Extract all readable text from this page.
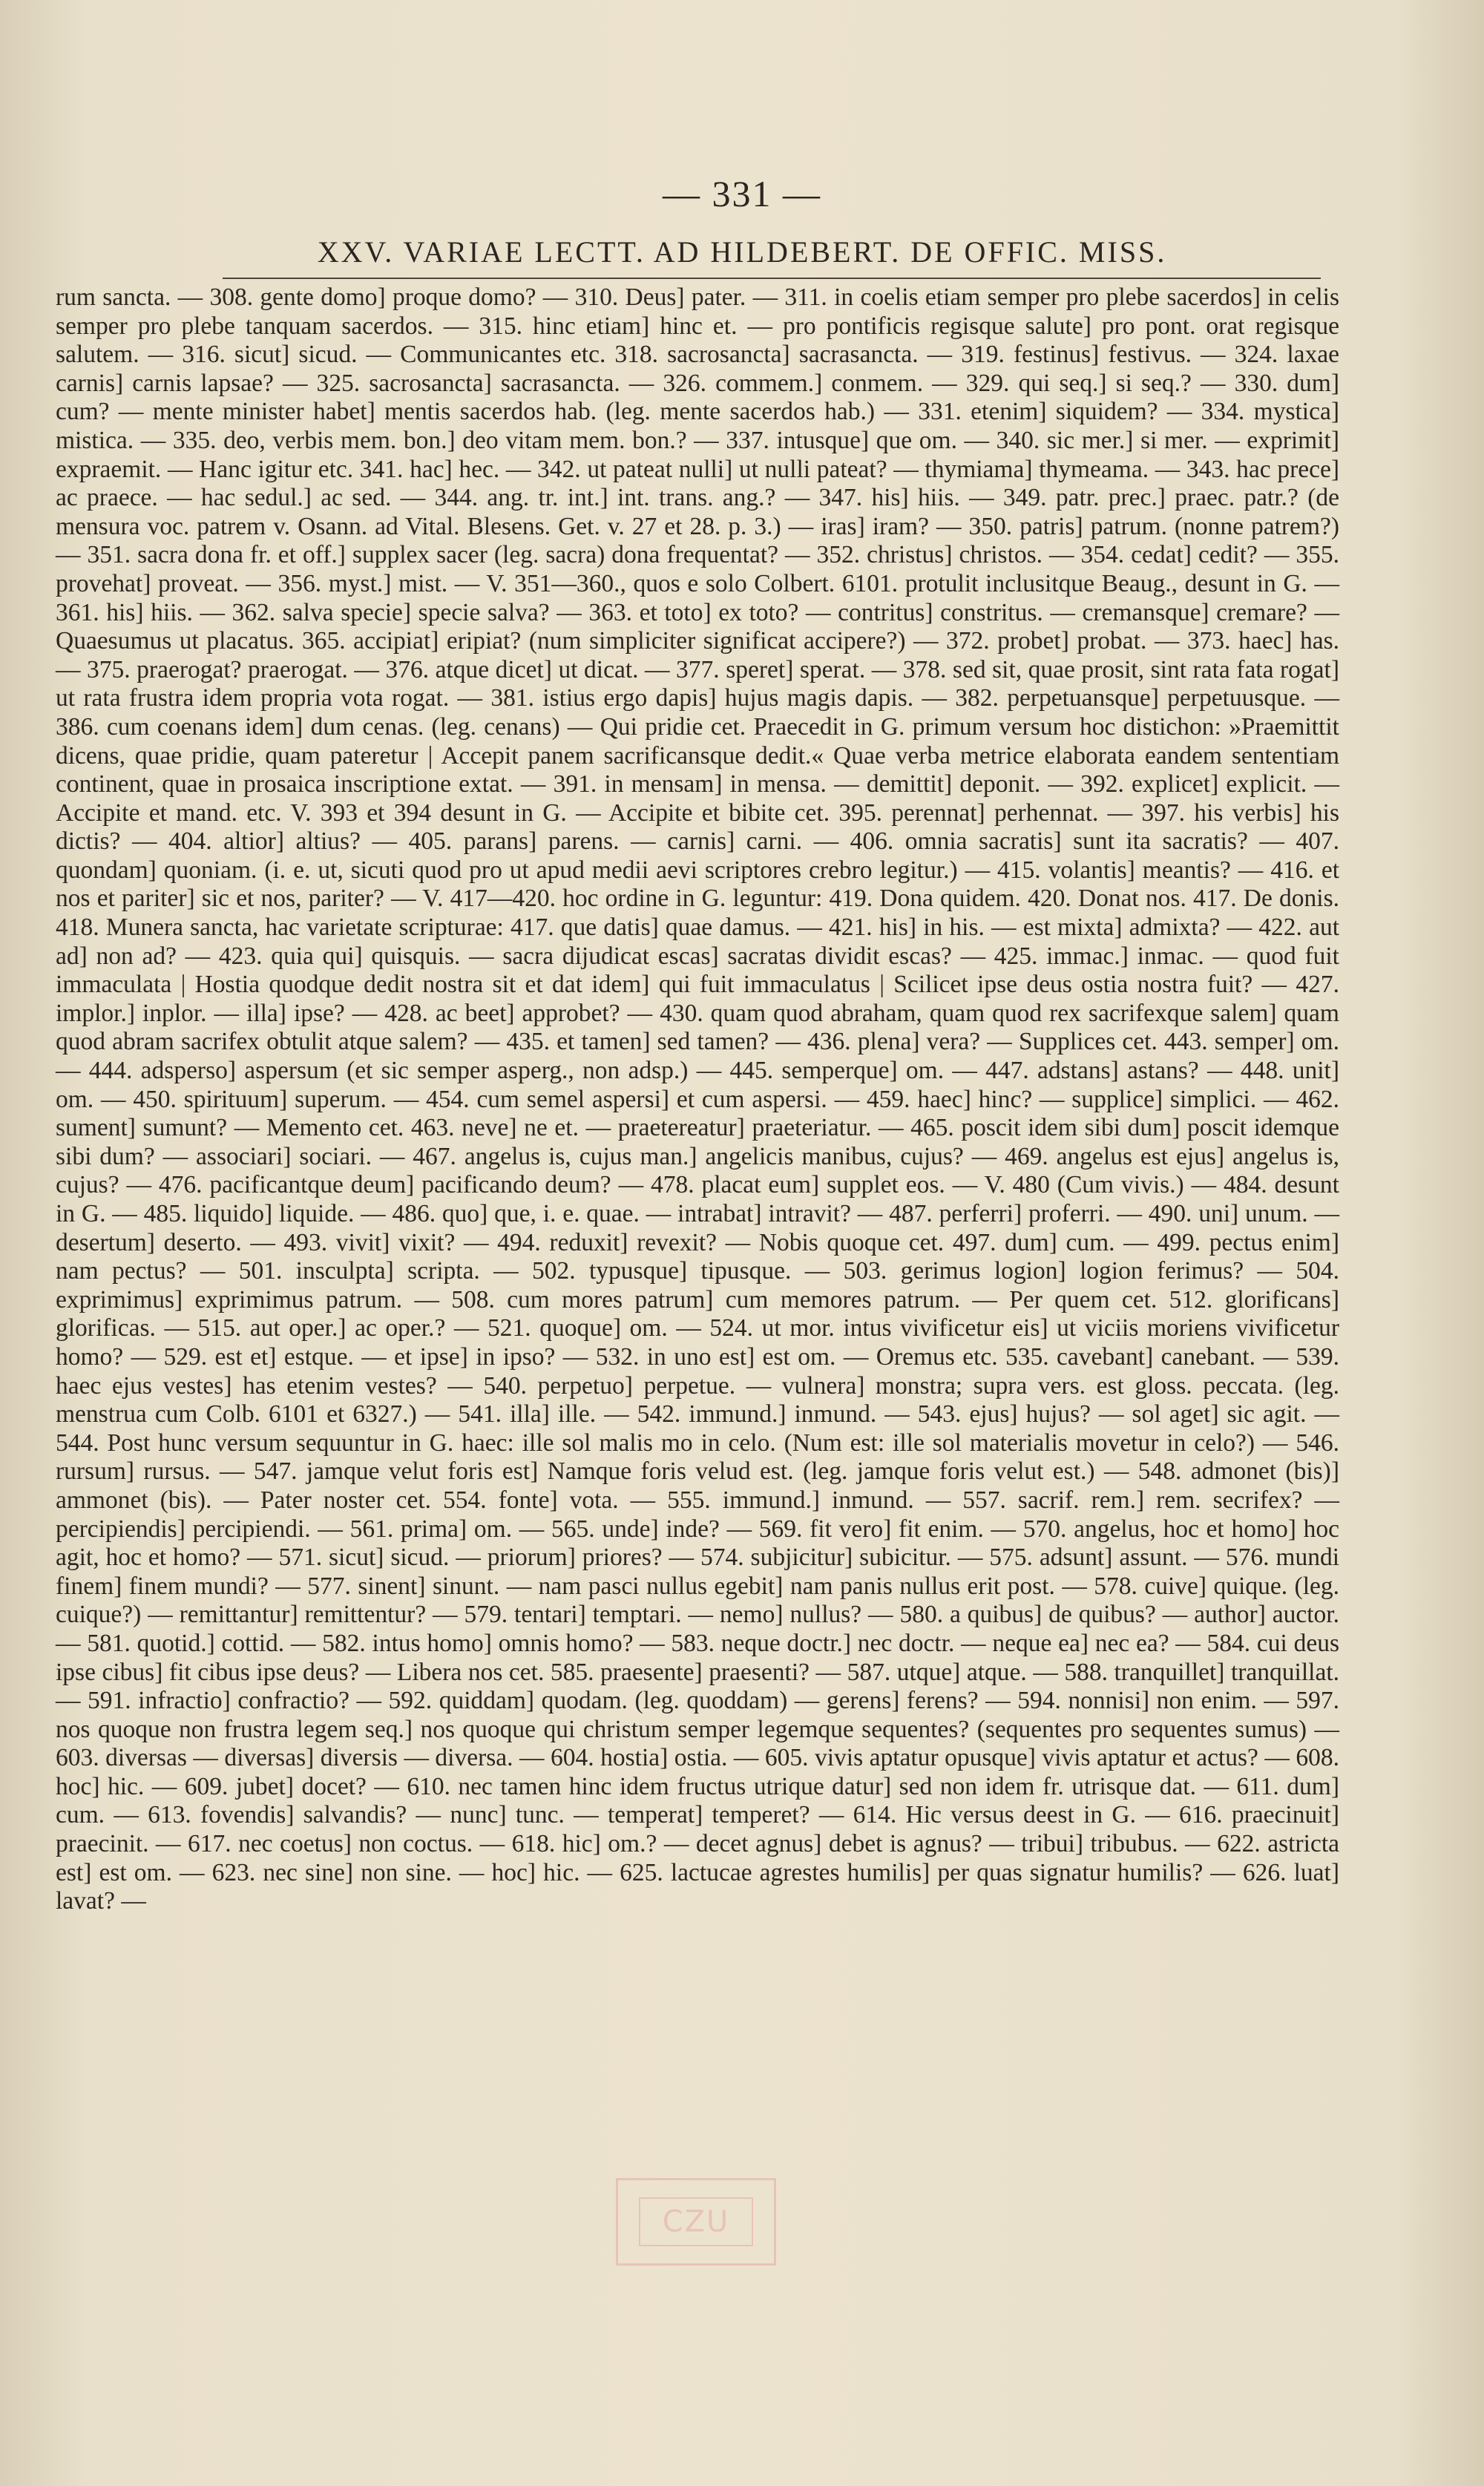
— 331 —
XXV. VARIAE LECTT. AD HILDEBERT. DE OFFIC. MISS.

rum sancta. — 308. gente domo] proque domo? — 310. Deus] pater. — 311. in coelis etiam semper pro plebe sacerdos] in celis semper pro plebe tanquam sacerdos. — 315. hinc etiam] hinc et. — pro pontificis regisque salute] pro pont. orat regisque salutem. — 316. sicut] sicud. — Communicantes etc. 318. sacrosancta] sacrasancta. — 319. festinus] festivus. — 324. laxae carnis] carnis lapsae? — 325. sacrosancta] sacrasancta. — 326. commem.] conmem. — 329. qui seq.] si seq.? — 330. dum] cum? — mente minister habet] mentis sacerdos hab. (leg. mente sacerdos hab.) — 331. etenim] siquidem? — 334. mystica] mistica. — 335. deo, verbis mem. bon.] deo vitam mem. bon.? — 337. intusque] que om. — 340. sic mer.] si mer. — exprimit] expraemit. — Hanc igitur etc. 341. hac] hec. — 342. ut pateat nulli] ut nulli pateat? — thymiama] thymeama. — 343. hac prece] ac praece. — hac sedul.] ac sed. — 344. ang. tr. int.] int. trans. ang.? — 347. his] hiis. — 349. patr. prec.] praec. patr.? (de mensura voc. patrem v. Osann. ad Vital. Blesens. Get. v. 27 et 28. p. 3.) — iras] iram? — 350. patris] patrum. (nonne patrem?) — 351. sacra dona fr. et off.] supplex sacer (leg. sacra) dona frequentat? — 352. christus] christos. — 354. cedat] cedit? — 355. provehat] proveat. — 356. myst.] mist. — V. 351—360., quos e solo Colbert. 6101. protulit inclusitque Beaug., desunt in G. — 361. his] hiis. — 362. salva specie] specie salva? — 363. et toto] ex toto? — contritus] constritus. — cremansque] cremare? — Quaesumus ut placatus. 365. accipiat] eripiat? (num simpliciter significat accipere?) — 372. probet] probat. — 373. haec] has. — 375. praerogat? praerogat. — 376. atque dicet] ut dicat. — 377. speret] sperat. — 378. sed sit, quae prosit, sint rata fata rogat] ut rata frustra idem propria vota rogat. — 381. istius ergo dapis] hujus magis dapis. — 382. perpetuansque] perpetuusque. — 386. cum coenans idem] dum cenas. (leg. cenans) — Qui pridie cet. Praecedit in G. primum versum hoc distichon: »Praemittit dicens, quae pridie, quam pateretur | Accepit panem sacrificansque dedit.« Quae verba metrice elaborata eandem sententiam continent, quae in prosaica inscriptione extat. — 391. in mensam] in mensa. — demittit] deponit. — 392. explicet] explicit. — Accipite et mand. etc. V. 393 et 394 desunt in G. — Accipite et bibite cet. 395. perennat] perhennat. — 397. his verbis] his dictis? — 404. altior] altius? — 405. parans] parens. — carnis] carni. — 406. omnia sacratis] sunt ita sacratis? — 407. quondam] quoniam. (i. e. ut, sicuti quod pro ut apud medii aevi scriptores crebro legitur.) — 415. volantis] meantis? — 416. et nos et pariter] sic et nos, pariter? — V. 417—420. hoc ordine in G. leguntur: 419. Dona quidem. 420. Donat nos. 417. De donis. 418. Munera sancta, hac varietate scripturae: 417. que datis] quae damus. — 421. his] in his. — est mixta] admixta? — 422. aut ad] non ad? — 423. quia qui] quisquis. — sacra dijudicat escas] sacratas dividit escas? — 425. immac.] inmac. — quod fuit immaculata | Hostia quodque dedit nostra sit et dat idem] qui fuit immaculatus | Scilicet ipse deus ostia nostra fuit? — 427. implor.] inplor. — illa] ipse? — 428. ac beet] approbet? — 430. quam quod abraham, quam quod rex sacrifexque salem] quam quod abram sacrifex obtulit atque salem? — 435. et tamen] sed tamen? — 436. plena] vera? — Supplices cet. 443. semper] om. — 444. adsperso] aspersum (et sic semper asperg., non adsp.) — 445. semperque] om. — 447. adstans] astans? — 448. unit] om. — 450. spirituum] superum. — 454. cum semel aspersi] et cum aspersi. — 459. haec] hinc? — supplice] simplici. — 462. sument] sumunt? — Memento cet. 463. neve] ne et. — praetereatur] praeteriatur. — 465. poscit idem sibi dum] poscit idemque sibi dum? — associari] sociari. — 467. angelus is, cujus man.] angelicis manibus, cujus? — 469. angelus est ejus] angelus is, cujus? — 476. pacificantque deum] pacificando deum? — 478. placat eum] supplet eos. — V. 480 (Cum vivis.) — 484. desunt in G. — 485. liquido] liquide. — 486. quo] que, i. e. quae. — intrabat] intravit? — 487. perferri] proferri. — 490. uni] unum. — desertum] deserto. — 493. vivit] vixit? — 494. reduxit] revexit? — Nobis quoque cet. 497. dum] cum. — 499. pectus enim] nam pectus? — 501. insculpta] scripta. — 502. typusque] tipusque. — 503. gerimus logion] logion ferimus? — 504. exprimimus] exprimimus patrum. — 508. cum mores patrum] cum memores patrum. — Per quem cet. 512. glorificans] glorificas. — 515. aut oper.] ac oper.? — 521. quoque] om. — 524. ut mor. intus vivificetur eis] ut viciis moriens vivificetur homo? — 529. est et] estque. — et ipse] in ipso? — 532. in uno est] est om. — Oremus etc. 535. cavebant] canebant. — 539. haec ejus vestes] has etenim vestes? — 540. perpetuo] perpetue. — vulnera] monstra; supra vers. est gloss. peccata. (leg. menstrua cum Colb. 6101 et 6327.) — 541. illa] ille. — 542. immund.] inmund. — 543. ejus] hujus? — sol aget] sic agit. — 544. Post hunc versum sequuntur in G. haec: ille sol malis mo in celo. (Num est: ille sol materialis movetur in celo?) — 546. rursum] rursus. — 547. jamque velut foris est] Namque foris velud est. (leg. jamque foris velut est.) — 548. admonet (bis)] ammonet (bis). — Pater noster cet. 554. fonte] vota. — 555. immund.] inmund. — 557. sacrif. rem.] rem. secrifex? — percipiendis] percipiendi. — 561. prima] om. — 565. unde] inde? — 569. fit vero] fit enim. — 570. angelus, hoc et homo] hoc agit, hoc et homo? — 571. sicut] sicud. — priorum] priores? — 574. subjicitur] subicitur. — 575. adsunt] assunt. — 576. mundi finem] finem mundi? — 577. sinent] sinunt. — nam pasci nullus egebit] nam panis nullus erit post. — 578. cuive] quique. (leg. cuique?) — remittantur] remittentur? — 579. tentari] temptari. — nemo] nullus? — 580. a quibus] de quibus? — author] auctor. — 581. quotid.] cottid. — 582. intus homo] omnis homo? — 583. neque doctr.] nec doctr. — neque ea] nec ea? — 584. cui deus ipse cibus] fit cibus ipse deus? — Libera nos cet. 585. praesente] praesenti? — 587. utque] atque. — 588. tranquillet] tranquillat. — 591. infractio] confractio? — 592. quiddam] quodam. (leg. quoddam) — gerens] ferens? — 594. nonnisi] non enim. — 597. nos quoque non frustra legem seq.] nos quoque qui christum semper legemque sequentes? (sequentes pro sequentes sumus) — 603. diversas — diversas] diversis — diversa. — 604. hostia] ostia. — 605. vivis aptatur opusque] vivis aptatur et actus? — 608. hoc] hic. — 609. jubet] docet? — 610. nec tamen hinc idem fructus utrique datur] sed non idem fr. utrisque dat. — 611. dum] cum. — 613. fovendis] salvandis? — nunc] tunc. — temperat] temperet? — 614. Hic versus deest in G. — 616. praecinuit] praecinit. — 617. nec coetus] non coctus. — 618. hic] om.? — decet agnus] debet is agnus? — tribui] tribubus. — 622. astricta est] est om. — 623. nec sine] non sine. — hoc] hic. — 625. lactucae agrestes humilis] per quas signatur humilis? — 626. luat] lavat? —

CZU
